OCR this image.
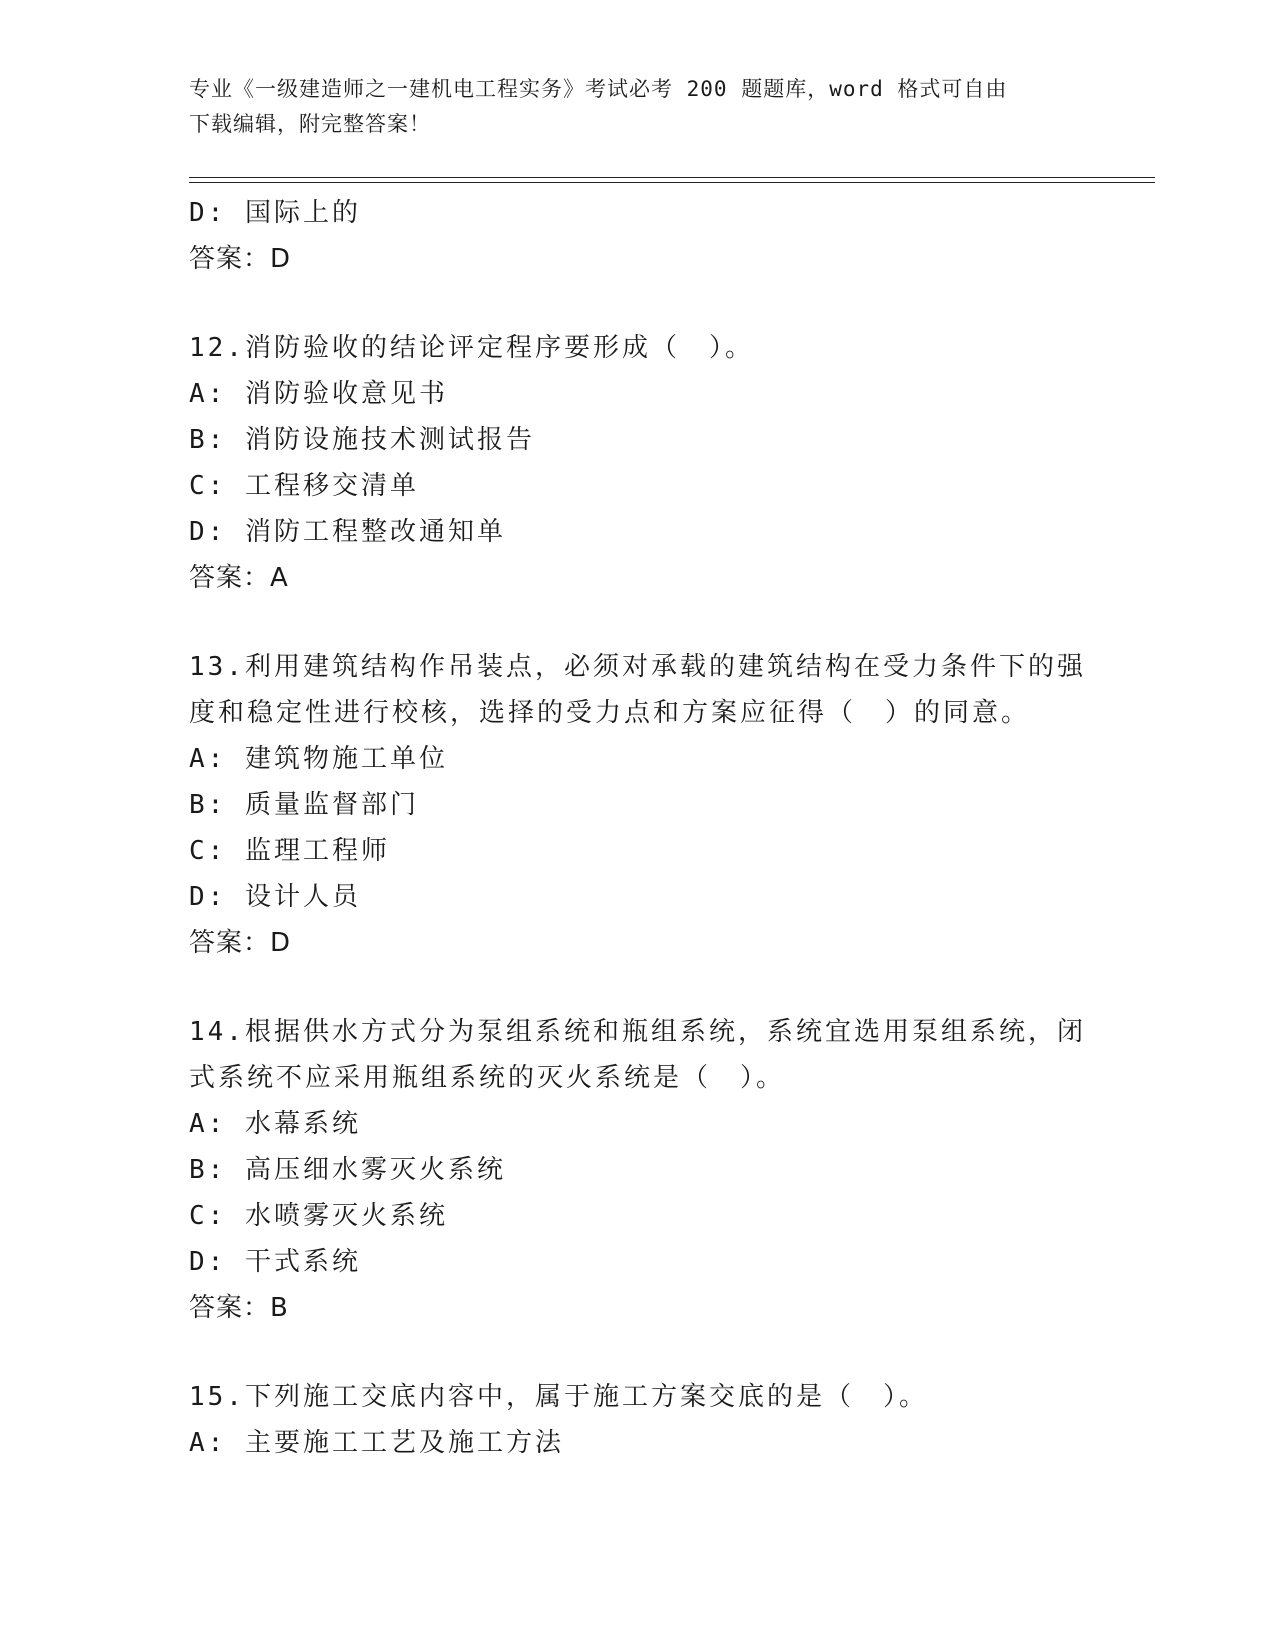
专业《一级建造师之一建机电工程实务》考试必考 200 题题库，word 格式可自由
下载编辑，附完整答案！
D: 国际上的
答案：D
12.消防验收的结论评定程序要形成（　）。
A: 消防验收意见书
B: 消防设施技术测试报告
C: 工程移交清单
D: 消防工程整改通知单
答案：A
13.利用建筑结构作吊装点，必须对承载的建筑结构在受力条件下的强
度和稳定性进行校核，选择的受力点和方案应征得（　）的同意。
A: 建筑物施工单位
B: 质量监督部门
C: 监理工程师
D: 设计人员
答案：D
14.根据供水方式分为泵组系统和瓶组系统，系统宜选用泵组系统，闭
式系统不应采用瓶组系统的灭火系统是（　）。
A: 水幕系统
B: 高压细水雾灭火系统
C: 水喷雾灭火系统
D: 干式系统
答案：B
15.下列施工交底内容中，属于施工方案交底的是（　）。
A: 主要施工工艺及施工方法
